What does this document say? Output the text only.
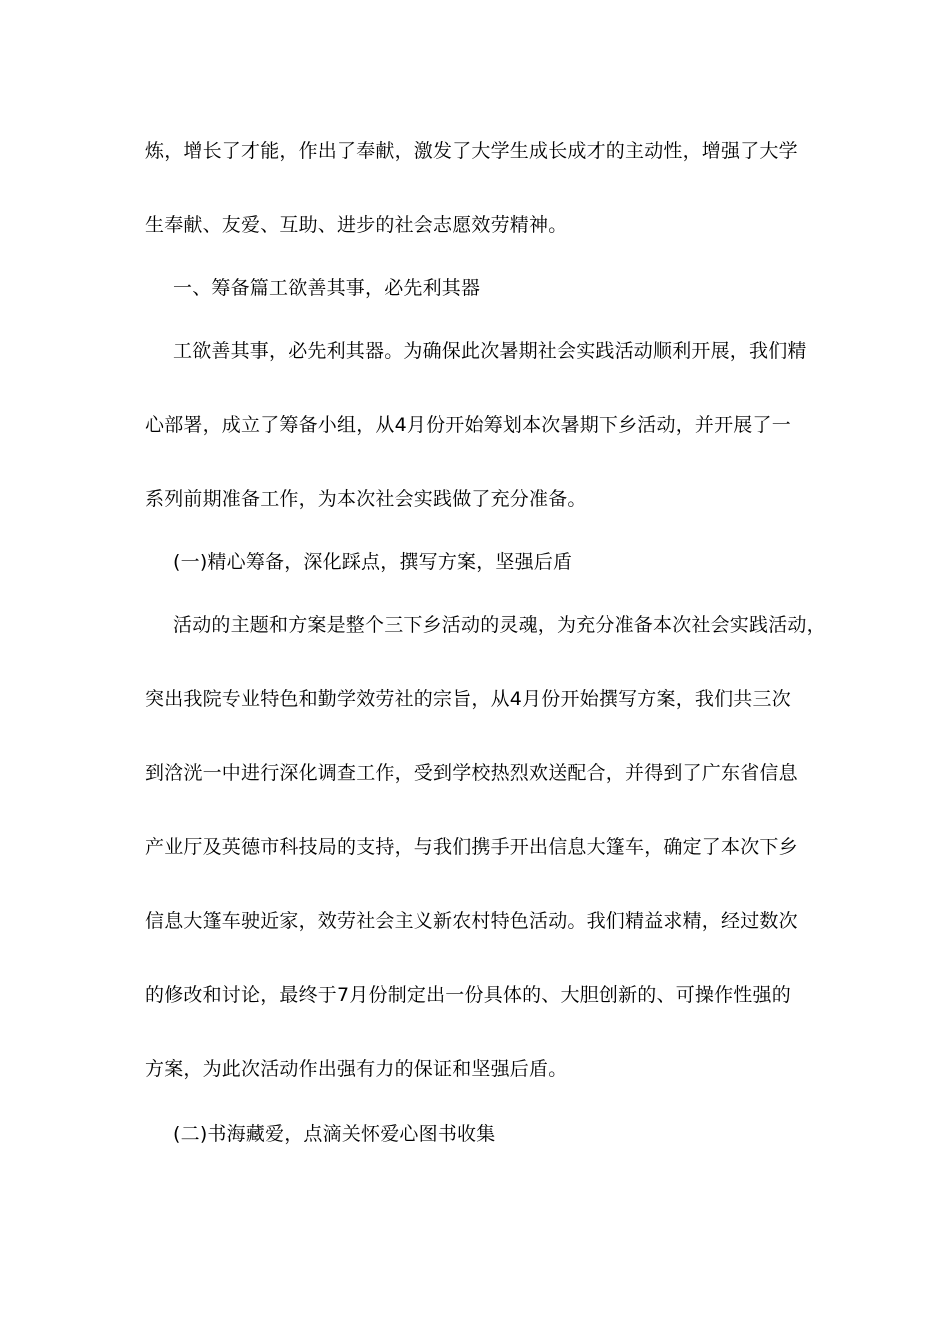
炼，增长了才能，作出了奉献，激发了大学生成长成才的主动性，增强了大学
生奉献、友爱、互助、进步的社会志愿效劳精神。
一、筹备篇工欲善其事，必先利其器
工欲善其事，必先利其器。为确保此次暑期社会实践活动顺利开展，我们精
心部署，成立了筹备小组，从4月份开始筹划本次暑期下乡活动，并开展了一
系列前期准备工作，为本次社会实践做了充分准备。
(一)精心筹备，深化踩点，撰写方案，坚强后盾
活动的主题和方案是整个三下乡活动的灵魂，为充分准备本次社会实践活动，
突出我院专业特色和勤学效劳社的宗旨，从4月份开始撰写方案，我们共三次
到浛洸一中进行深化调查工作，受到学校热烈欢送配合，并得到了广东省信息
产业厅及英德市科技局的支持，与我们携手开出信息大篷车，确定了本次下乡
信息大篷车驶近家，效劳社会主义新农村特色活动。我们精益求精，经过数次
的修改和讨论，最终于7月份制定出一份具体的、大胆创新的、可操作性强的
方案，为此次活动作出强有力的保证和坚强后盾。
(二)书海藏爱，点滴关怀爱心图书收集
